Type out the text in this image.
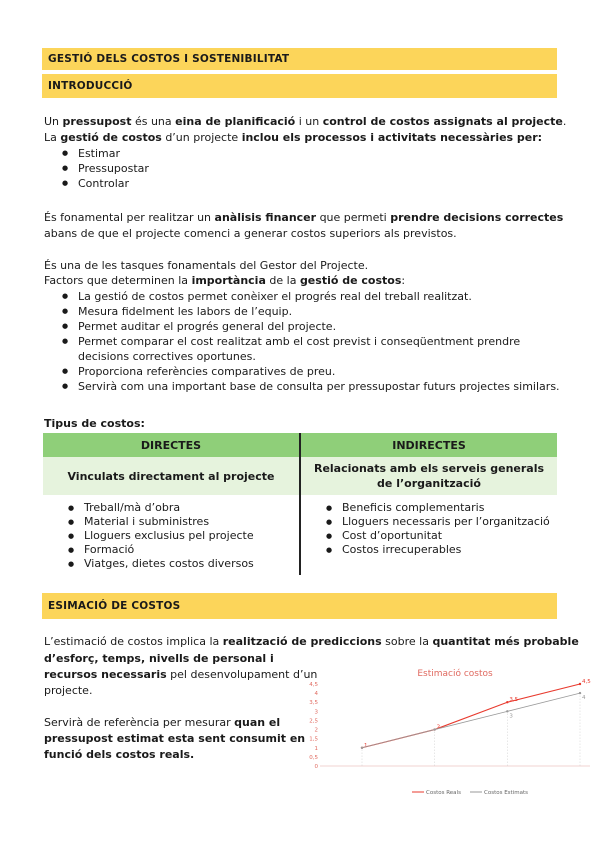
GESTIÓ DELS COSTOS I SOSTENIBILITAT
INTRODUCCIÓ
Un pressupost és una eina de planificació i un control de costos assignats al projecte.
La gestió de costos d’un projecte inclou els processos i activitats necessàries per:
● Estimar
● Pressupostar
● Controlar
És fonamental per realitzar un anàlisis financer que permeti prendre decisions correctes
abans de que el projecte comenci a generar costos superiors als previstos.
És una de les tasques fonamentals del Gestor del Projecte.
Factors que determinen la importància de la gestió de costos:
● La gestió de costos permet conèixer el progrés real del treball realitzat.
● Mesura fidelment les labors de l’equip.
● Permet auditar el progrés general del projecte.
● Permet comparar el cost realitzat amb el cost previst i conseqüentment prendre
decisions correctives oportunes.
● Proporciona referències comparatives de preu.
● Servirà com una important base de consulta per pressupostar futurs projectes similars.
Tipus de costos:
DIRECTES	INDIRECTES
Vinculats directament al projecte
Relacionats amb els serveis generals de l’organització
● Treball/mà d’obra
● Material i subministres
● Lloguers exclusius pel projecte
● Formació
● Viatges, dietes costos diversos
● Beneficis complementaris
● Lloguers necessaris per l’organització
● Cost d’oportunitat
● Costos irrecuperables
ESIMACIÓ DE COSTOS
L’estimació de costos implica la realització de prediccions sobre la quantitat més probable
d’esforç, temps, nivells de personal i
recursos necessaris pel desenvolupament d’un
projecte.
Servirà de referència per mesurar quan el
pressupost estimat esta sent consumit en
funció dels costos reals.
Estimació costos
0
0,5
1
1,5
2
2,5
3
3,5
4
4,5
1
2
3,5
4,5
3
4
Costos Reals	Costos Estimats
